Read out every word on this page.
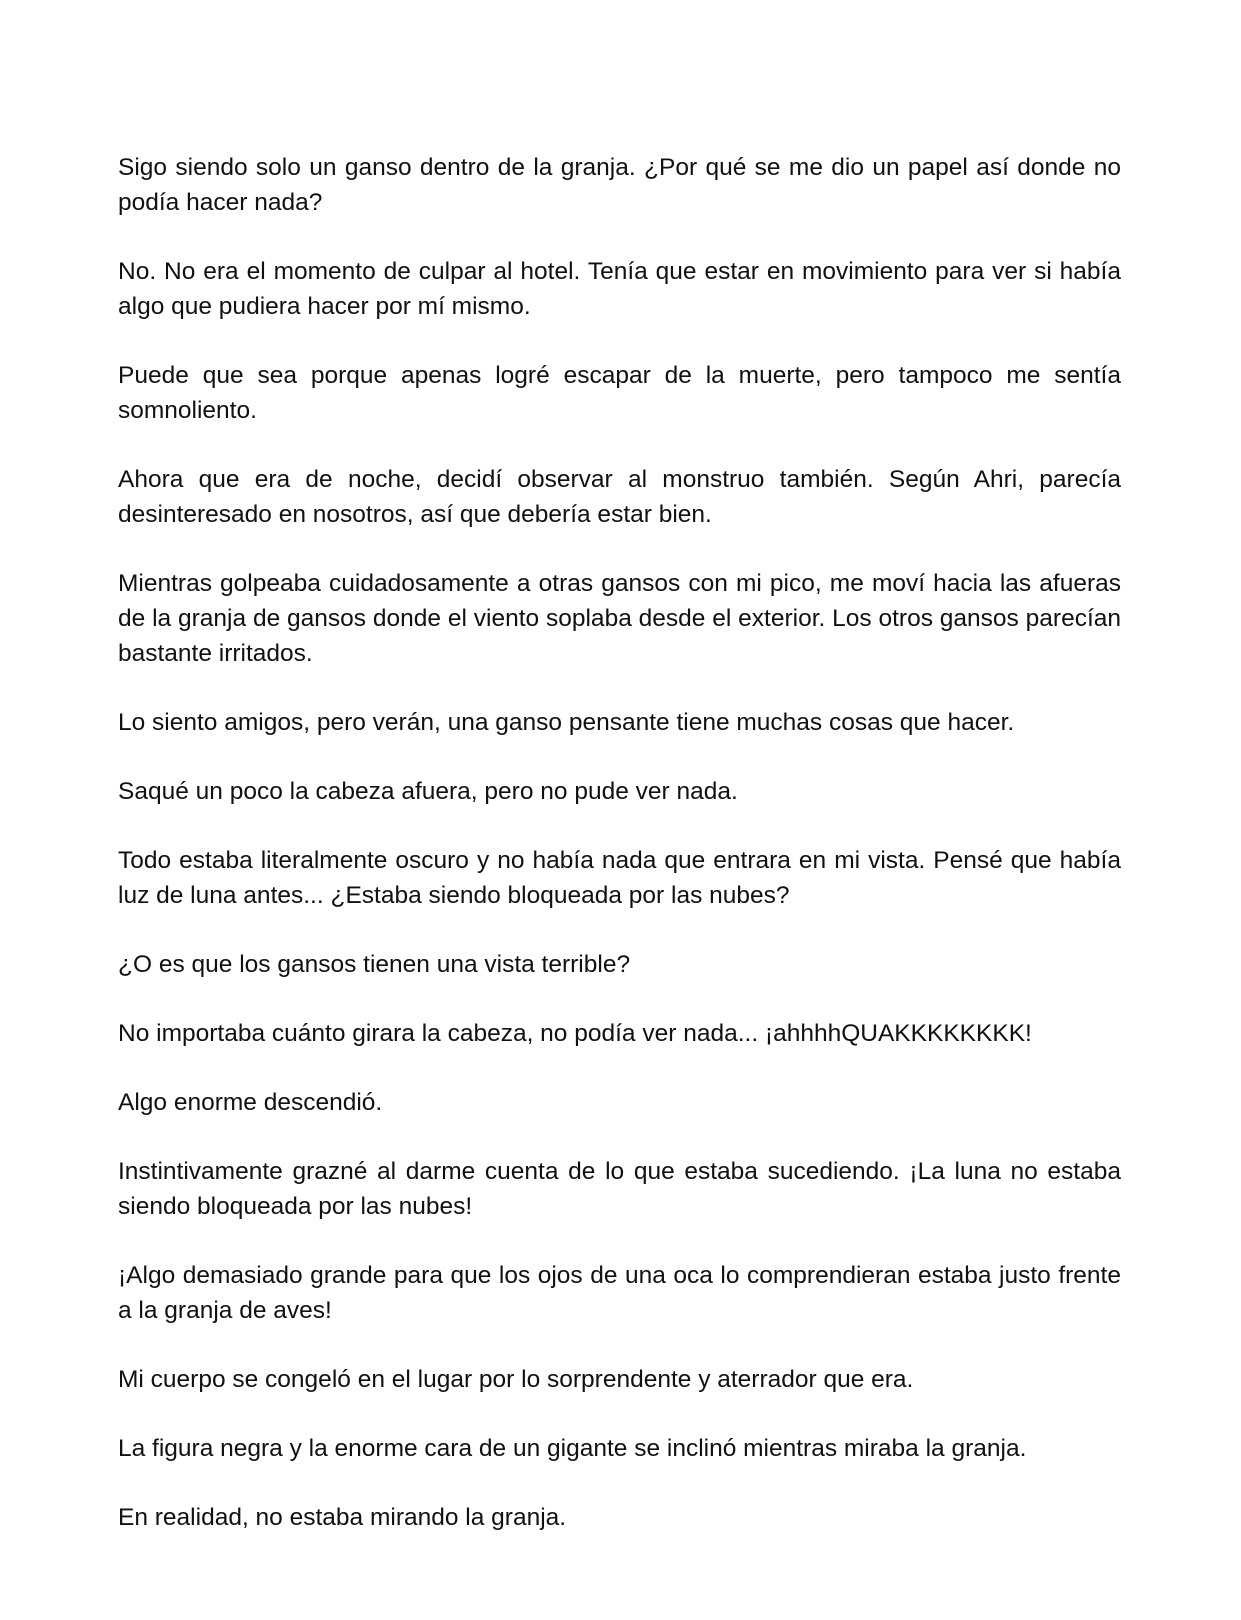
Sigo siendo solo un ganso dentro de la granja. ¿Por qué se me dio un papel así donde no podía hacer nada?

No. No era el momento de culpar al hotel. Tenía que estar en movimiento para ver si había algo que pudiera hacer por mí mismo.

Puede que sea porque apenas logré escapar de la muerte, pero tampoco me sentía somnoliento.

Ahora que era de noche, decidí observar al monstruo también. Según Ahri, parecía desinteresado en nosotros, así que debería estar bien.

Mientras golpeaba cuidadosamente a otras gansos con mi pico, me moví hacia las afueras de la granja de gansos donde el viento soplaba desde el exterior. Los otros gansos parecían bastante irritados.

Lo siento amigos, pero verán, una ganso pensante tiene muchas cosas que hacer.

Saqué un poco la cabeza afuera, pero no pude ver nada.

Todo estaba literalmente oscuro y no había nada que entrara en mi vista. Pensé que había luz de luna antes... ¿Estaba siendo bloqueada por las nubes?

¿O es que los gansos tienen una vista terrible?

No importaba cuánto girara la cabeza, no podía ver nada... ¡ahhhhQUAKKKKKKKK!

Algo enorme descendió.

Instintivamente grazné al darme cuenta de lo que estaba sucediendo. ¡La luna no estaba siendo bloqueada por las nubes!

¡Algo demasiado grande para que los ojos de una oca lo comprendieran estaba justo frente a la granja de aves!

Mi cuerpo se congeló en el lugar por lo sorprendente y aterrador que era.

La figura negra y la enorme cara de un gigante se inclinó mientras miraba la granja.

En realidad, no estaba mirando la granja.
